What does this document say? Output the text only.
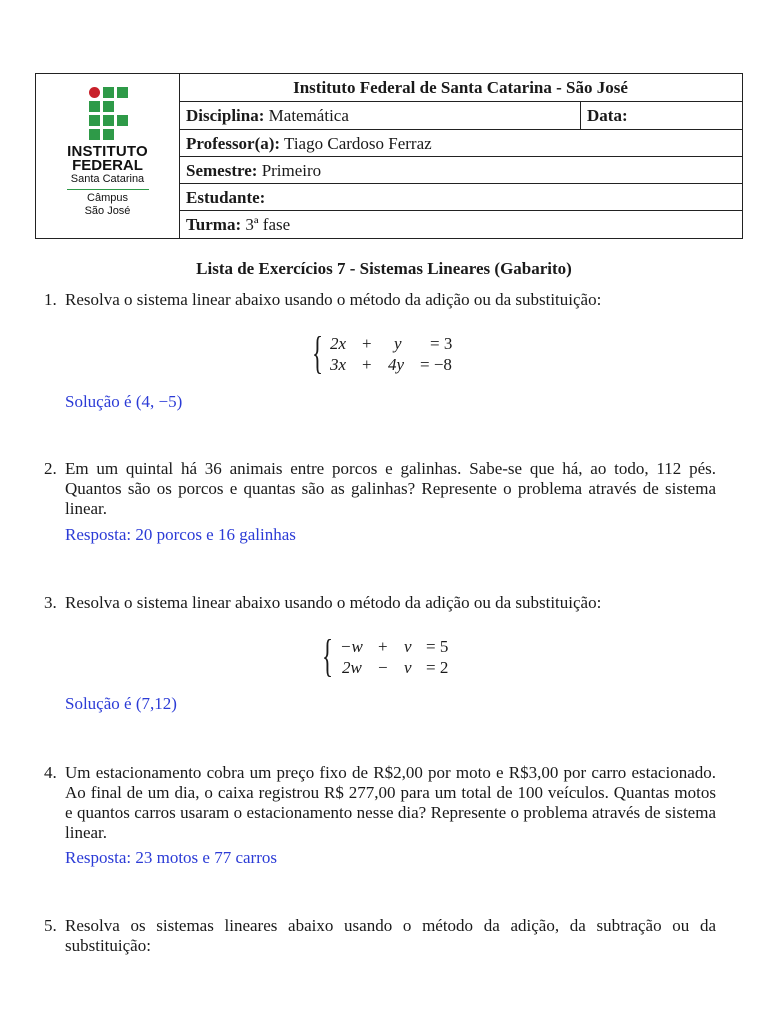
INSTITUTO
FEDERAL
Santa Catarina
Câmpus
São José
Instituto Federal de Santa Catarina - São José
Disciplina: Matemática	Data:
Professor(a): Tiago Cardoso Ferraz
Semestre: Primeiro
Estudante:
Turma: 3ª fase
Lista de Exercícios 7 - Sistemas Lineares (Gabarito)
1. Resolva o sistema linear abaixo usando o método da adição ou da substituição:
{ 2x + y = 3
3x + 4y = −8
Solução é (4, −5)
2. Em um quintal há 36 animais entre porcos e galinhas. Sabe-se que há, ao todo, 112 pés. Quantos são os porcos e quantas são as galinhas? Represente o problema através de sistema linear.
Resposta: 20 porcos e 16 galinhas
3. Resolva o sistema linear abaixo usando o método da adição ou da substituição:
{ −w + v = 5
2w − v = 2
Solução é (7,12)
4. Um estacionamento cobra um preço fixo de R$2,00 por moto e R$3,00 por carro estacionado. Ao final de um dia, o caixa registrou R$ 277,00 para um total de 100 veículos. Quantas motos e quantos carros usaram o estacionamento nesse dia? Represente o problema através de sistema linear.
Resposta: 23 motos e 77 carros
5. Resolva os sistemas lineares abaixo usando o método da adição, da subtração ou da substituição:
